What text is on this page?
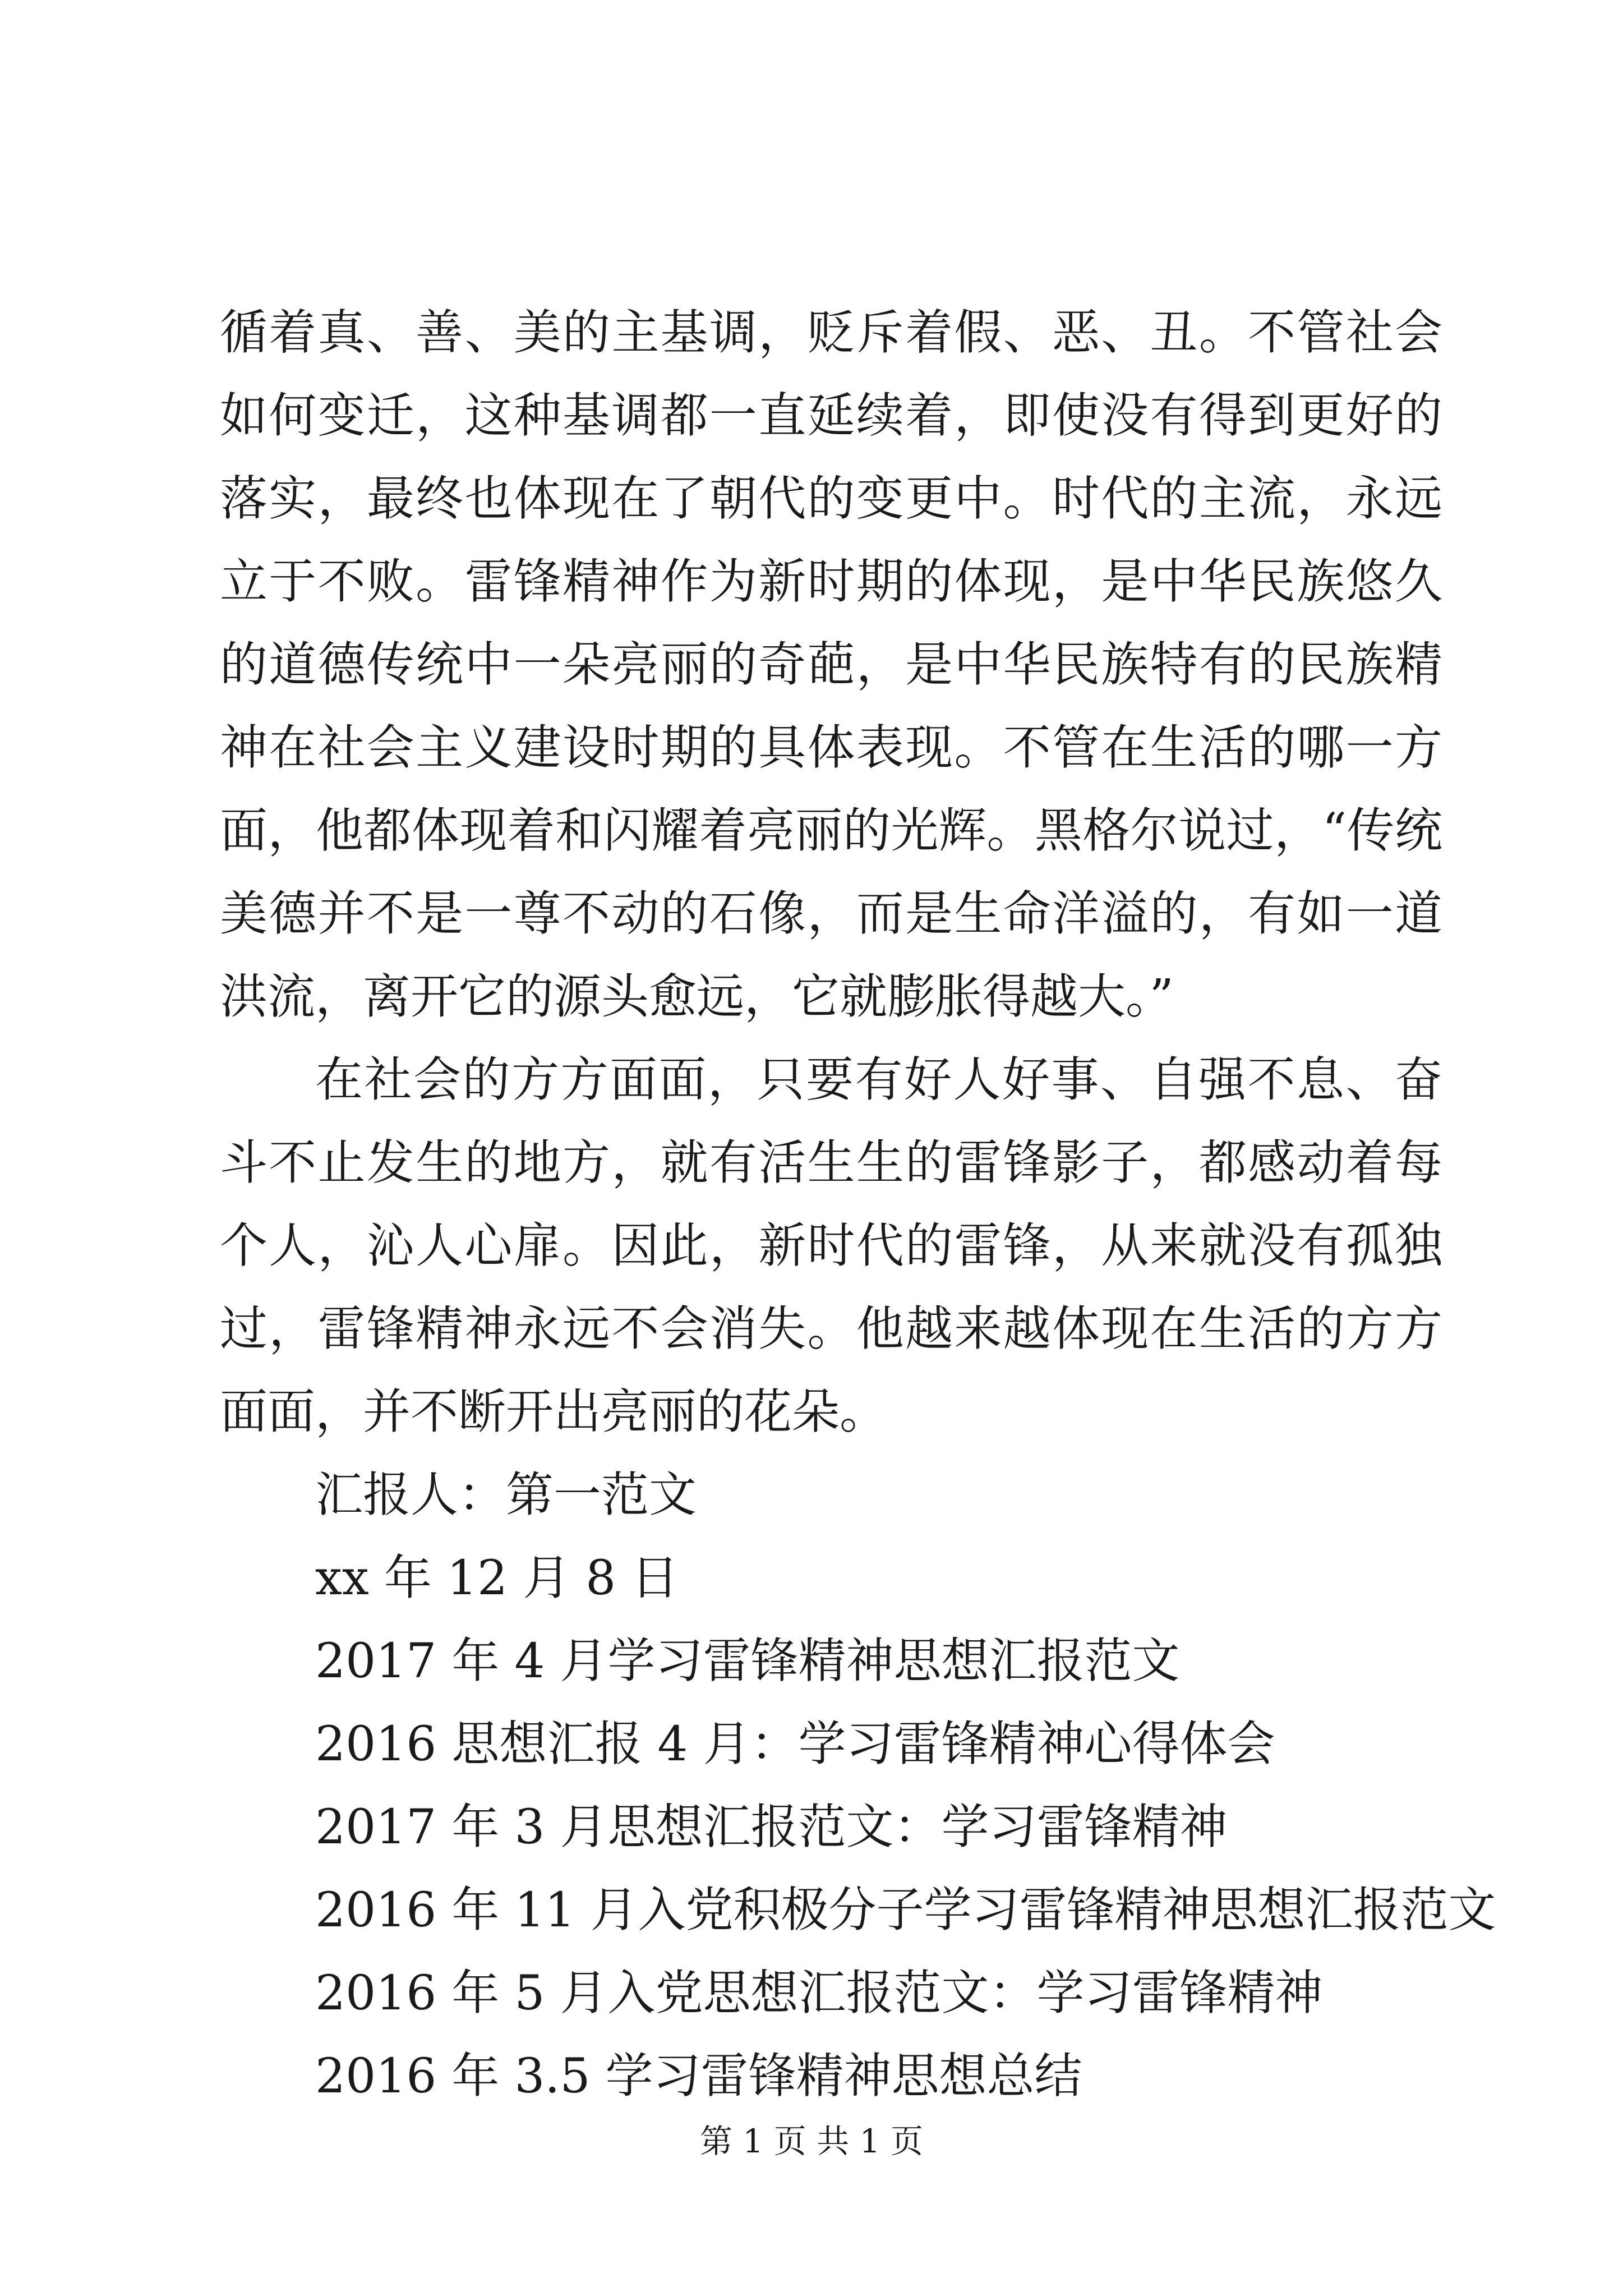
循着真、善、美的主基调，贬斥着假、恶、丑。不管社会如何变迁，这种基调都一直延续着，即使没有得到更好的落实，最终也体现在了朝代的变更中。时代的主流，永远立于不败。雷锋精神作为新时期的体现，是中华民族悠久的道德传统中一朵亮丽的奇葩，是中华民族特有的民族精神在社会主义建设时期的具体表现。不管在生活的哪一方面，他都体现着和闪耀着亮丽的光辉。黑格尔说过，“传统美德并不是一尊不动的石像，而是生命洋溢的，有如一道洪流，离开它的源头愈远，它就膨胀得越大。”

在社会的方方面面，只要有好人好事、自强不息、奋斗不止发生的地方，就有活生生的雷锋影子，都感动着每个人，沁人心扉。因此，新时代的雷锋，从来就没有孤独过，雷锋精神永远不会消失。他越来越体现在生活的方方面面，并不断开出亮丽的花朵。

汇报人：第一范文

xx 年 12 月 8 日

2017 年 4 月学习雷锋精神思想汇报范文

2016 思想汇报 4 月：学习雷锋精神心得体会

2017 年 3 月思想汇报范文：学习雷锋精神

2016 年 11 月入党积极分子学习雷锋精神思想汇报范文

2016 年 5 月入党思想汇报范文：学习雷锋精神

2016 年 3.5 学习雷锋精神思想总结

第 1 页 共 1 页
